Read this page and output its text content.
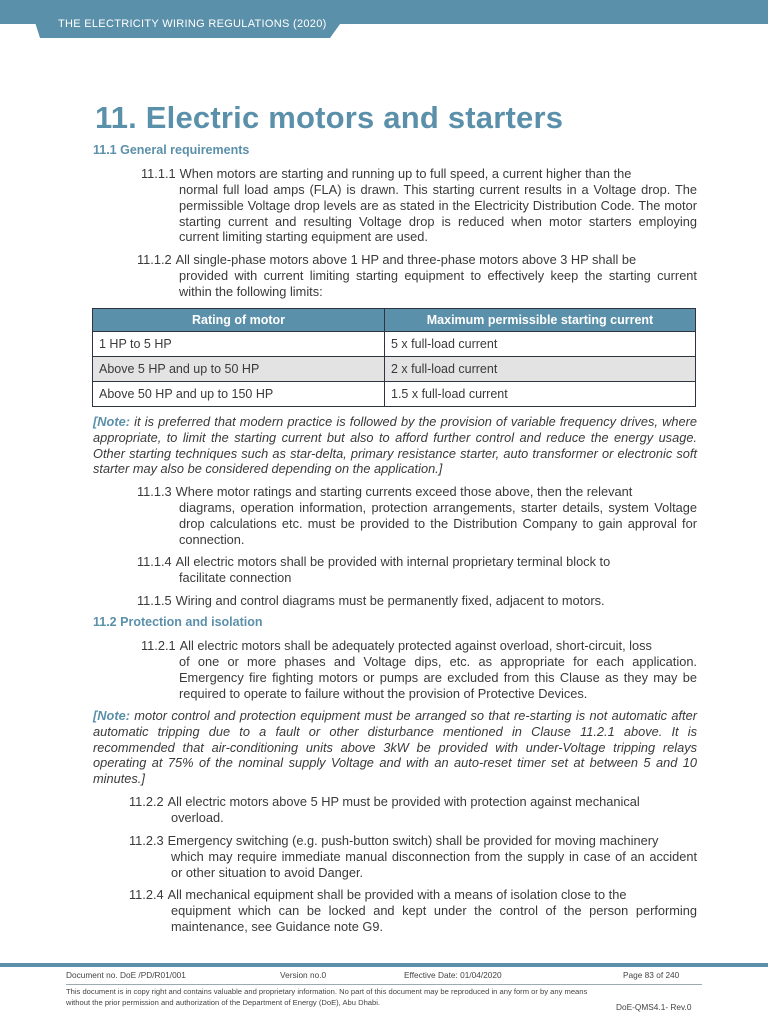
THE ELECTRICITY WIRING REGULATIONS (2020)
11. Electric motors and starters
11.1 General requirements
11.1.1 When motors are starting and running up to full speed, a current higher than the
normal full load amps (FLA) is drawn. This starting current results in a Voltage drop. The permissible Voltage drop levels are as stated in the Electricity Distribution Code. The motor starting current and resulting Voltage drop is reduced when motor starters employing current limiting starting equipment are used.
11.1.2 All single-phase motors above 1 HP and three-phase motors above 3 HP shall be
provided with current limiting starting equipment to effectively keep the starting current within the following limits:
Rating of motor	Maximum permissible starting current
1 HP to 5 HP	5 x full-load current
Above 5 HP and up to 50 HP	2 x full-load current
Above 50 HP and up to 150 HP	1.5 x full-load current
[Note: it is preferred that modern practice is followed by the provision of variable frequency drives, where appropriate, to limit the starting current but also to afford further control and reduce the energy usage. Other starting techniques such as star-delta, primary resistance starter, auto transformer or electronic soft starter may also be considered depending on the application.]
11.1.3 Where motor ratings and starting currents exceed those above, then the relevant
diagrams, operation information, protection arrangements, starter details, system Voltage drop calculations etc. must be provided to the Distribution Company to gain approval for connection.
11.1.4 All electric motors shall be provided with internal proprietary terminal block to
facilitate connection
11.1.5 Wiring and control diagrams must be permanently fixed, adjacent to motors.
11.2 Protection and isolation
11.2.1 All electric motors shall be adequately protected against overload, short-circuit, loss
of one or more phases and Voltage dips, etc. as appropriate for each application. Emergency fire fighting motors or pumps are excluded from this Clause as they may be required to operate to failure without the provision of Protective Devices.
[Note: motor control and protection equipment must be arranged so that re-starting is not automatic after automatic tripping due to a fault or other disturbance mentioned in Clause 11.2.1 above. It is recommended that air-conditioning units above 3kW be provided with under-Voltage tripping relays operating at 75% of the nominal supply Voltage and with an auto-reset timer set at between 5 and 10 minutes.]
11.2.2 All electric motors above 5 HP must be provided with protection against mechanical
overload.
11.2.3 Emergency switching (e.g. push-button switch) shall be provided for moving machinery
which may require immediate manual disconnection from the supply in case of an accident or other situation to avoid Danger.
11.2.4 All mechanical equipment shall be provided with a means of isolation close to the
equipment which can be locked and kept under the control of the person performing maintenance, see Guidance note G9.
Document no. DoE /PD/R01/001	Version no.0	Effective Date: 01/04/2020	Page 83 of 240
This document is in copy right and contains valuable and proprietary information. No part of this document may be reproduced in any form or by any means
without the prior permission and authorization of the Department of Energy (DoE), Abu Dhabi.	DoE-QMS4.1- Rev.0
